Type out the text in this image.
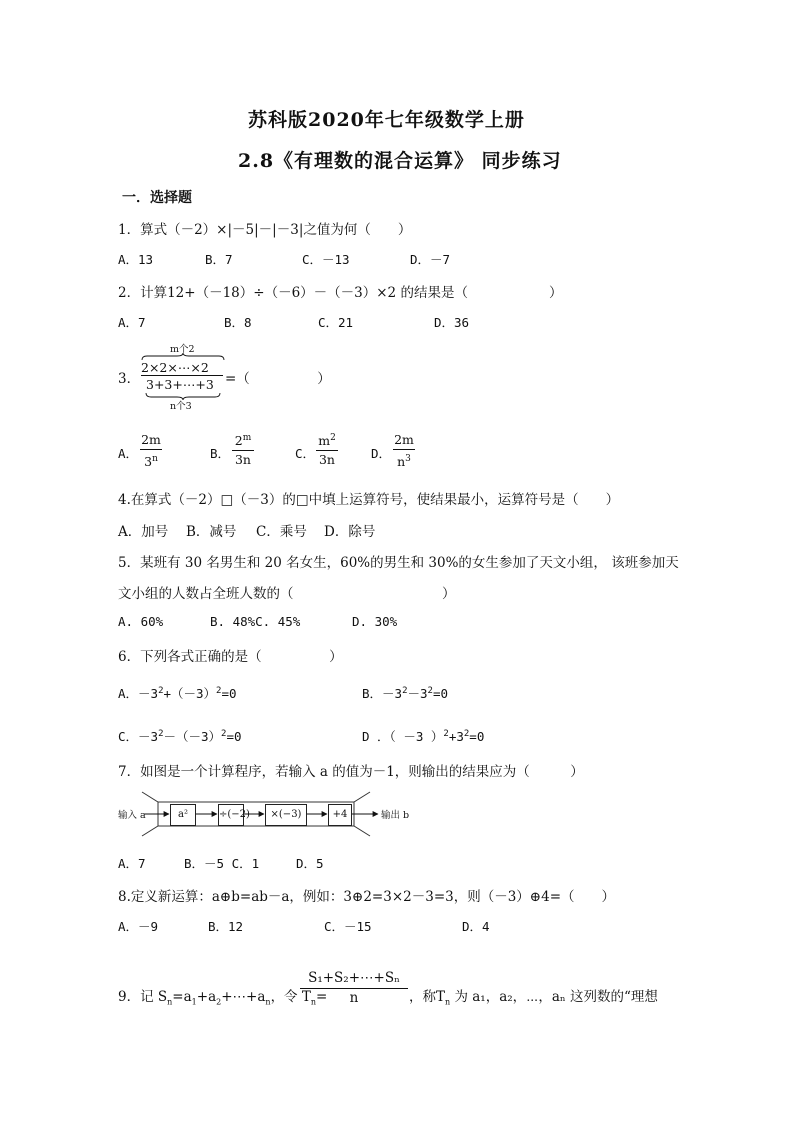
苏科版2020年七年级数学上册
2.8《有理数的混合运算》 同步练习
一．选择题
1．算式（－2）×|－5|－|－3|之值为何（　　）
A．13	B．7	C．－13	D．－7
2．计算12+（－18）÷（－6）－（－3）×2 的结果是（　　　　　　）
A．7	B．8	C．21	D．36
3．
m个2
2×2×⋯×2
3+3+⋯+3
n个3
=（　　　　　）
A．
2m
3$^n$	B．
2$^m$
3n	C．
$m^2$
3n	D．
2m
$n^3$
4.在算式（－2）□（－3）的□中填上运算符号，使结果最小，运算符号是（　　）
A．加号 B．减号 C．乘号 D．除号
5．某班有 30 名男生和 20 名女生，60%的男生和 30%的女生参加了天文小组， 该班参加天
文小组的人数占全班人数的（　　　　　　　　　　　）
A. 60%	B. 48%C. 45%	D. 30%
6．下列各式正确的是（　　　　　）
A．$-3^2+(-3)^2=0$	B．$-3^2-3^2=0$
C．$-3^2-(-3)^2=0$	D ．（ －3 ）$^2+3^2=0$
7．如图是一个计算程序，若输入 a 的值为－1，则输出的结果应为（　　　）
输入 a	a²	÷(−2)	×(−3)	+4	输出 b
A．7	B．－5 C．1	D．5
8.定义新运算：a⊕b=ab－a，例如：3⊕2=3×2－3=3，则（－3）⊕4=（　　）
A．－9	B．12	C．－15	D．4
9．记 $S_n=a_1+a_2+\cdots+a_n$，令 $T_n=$
S₁+S₂+⋯+Sₙ
n	，称$T_n$ 为 a₁，a₂，⋯，aₙ 这列数的“理想
